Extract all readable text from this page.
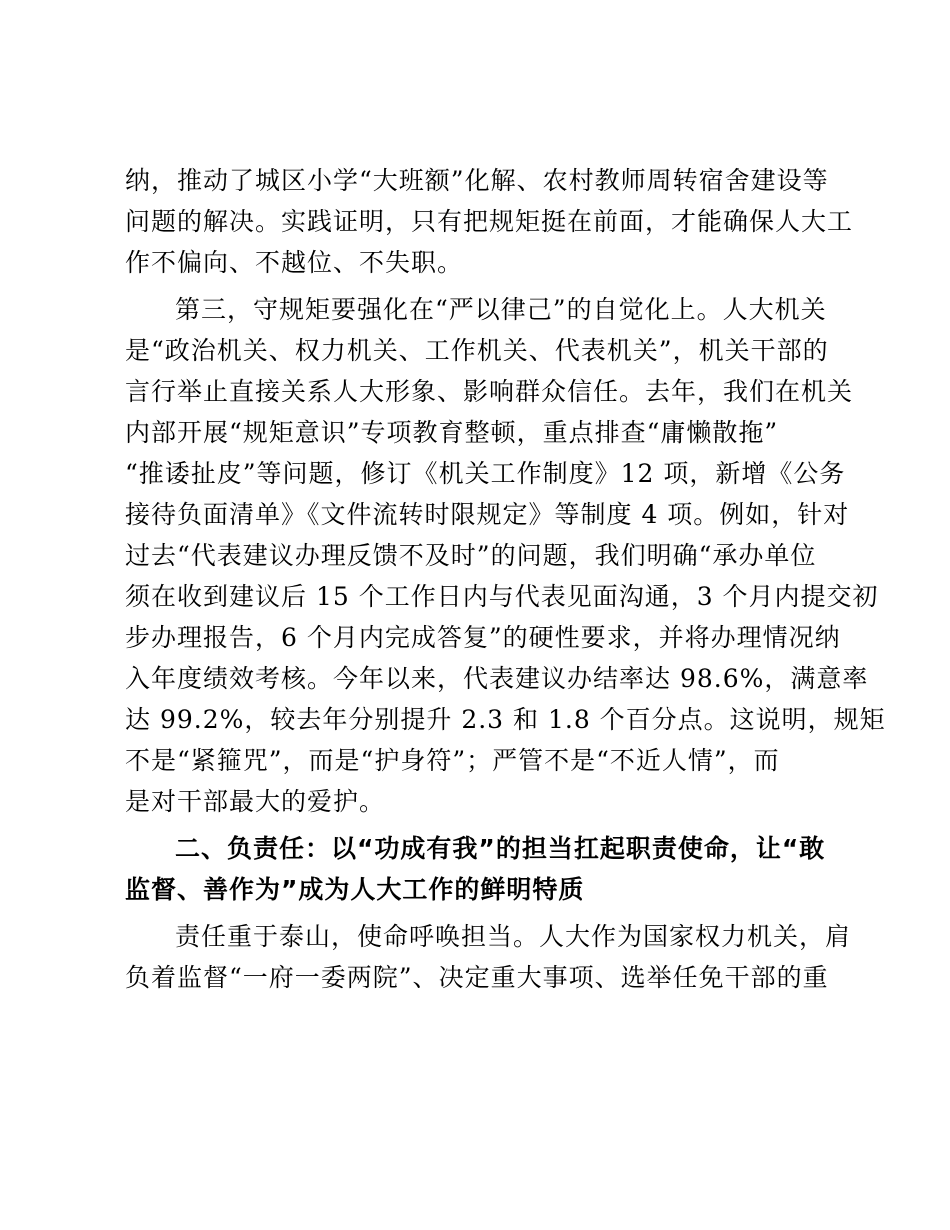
纳，推动了城区小学“大班额”化解、农村教师周转宿舍建设等
问题的解决。实践证明，只有把规矩挺在前面，才能确保人大工
作不偏向、不越位、不失职。
第三，守规矩要强化在“严以律己”的自觉化上。人大机关
是“政治机关、权力机关、工作机关、代表机关”，机关干部的
言行举止直接关系人大形象、影响群众信任。去年，我们在机关
内部开展“规矩意识”专项教育整顿，重点排查“庸懒散拖”
“推诿扯皮”等问题，修订《机关工作制度》12 项，新增《公务
接待负面清单》《文件流转时限规定》等制度 4 项。例如，针对
过去“代表建议办理反馈不及时”的问题，我们明确“承办单位
须在收到建议后 15 个工作日内与代表见面沟通，3 个月内提交初
步办理报告，6 个月内完成答复”的硬性要求，并将办理情况纳
入年度绩效考核。今年以来，代表建议办结率达 98.6%，满意率
达 99.2%，较去年分别提升 2.3 和 1.8 个百分点。这说明，规矩
不是“紧箍咒”，而是“护身符”；严管不是“不近人情”，而
是对干部最大的爱护。
二、负责任：以“功成有我”的担当扛起职责使命，让“敢
监督、善作为”成为人大工作的鲜明特质
责任重于泰山，使命呼唤担当。人大作为国家权力机关，肩
负着监督“一府一委两院”、决定重大事项、选举任免干部的重
